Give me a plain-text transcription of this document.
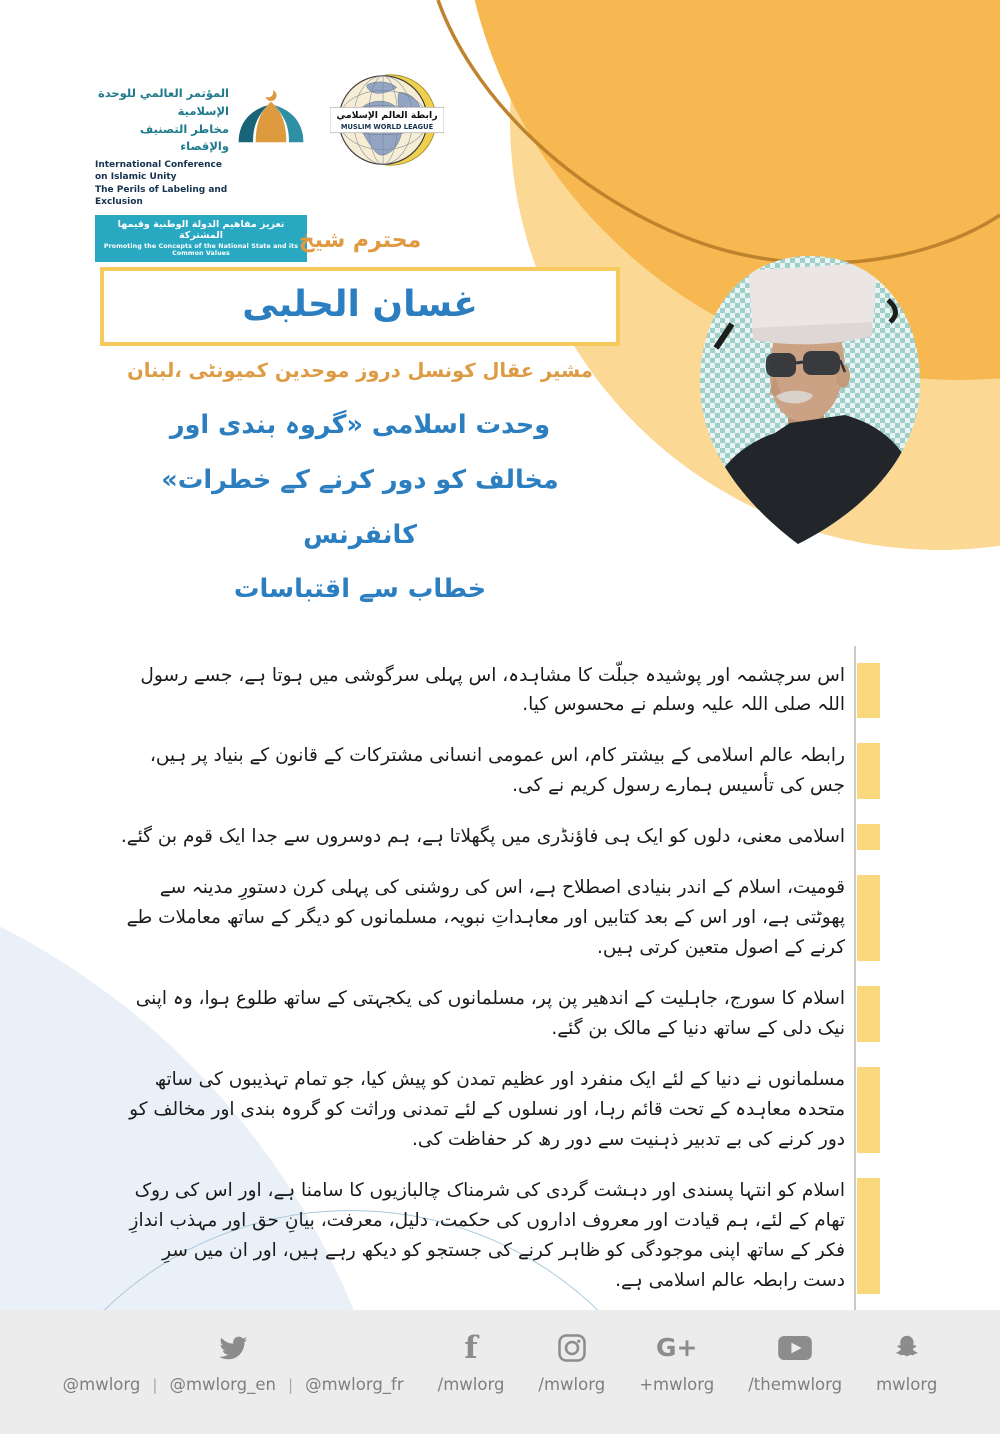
المؤتمر العالمي للوحدة الإسلامية
مخاطر التصنيف والإقصاء
International Conference on Islamic Unity
The Perils of Labeling and Exclusion
تعزيز مفاهيم الدولة الوطنية وقيمها المشتركة
Promoting the Concepts of the National State and its Common Values
رابطة العالم الإسلامي
MUSLIM WORLD LEAGUE
محترم شیخ
غسان الحلبی
مشیر عقال کونسل دروز موحدین کمیونٹی ،لبنان
وحدت اسلامی «گروہ بندی اور
مخالف کو دور کرنے کے خطرات» کانفرنس
خطاب سے اقتباسات

اس سرچشمہ اور پوشیدہ جبلّت کا مشاہدہ، اس پہلی سرگوشی میں ہوتا ہے، جسے رسول اللہ صلی اللہ علیہ وسلم نے محسوس کیا.

رابطہ عالم اسلامی کے بیشتر کام، اس عمومی انسانی مشترکات کے قانون کے بنیاد پر ہیں، جس کی تأسیس ہمارے رسول کریم نے کی.

اسلامی معنی، دلوں کو ایک ہی فاؤنڈری میں پگھلاتا ہے، ہم دوسروں سے جدا ایک قوم بن گئے.

قومیت، اسلام کے اندر بنیادی اصطلاح ہے، اس کی روشنی کی پہلی کرن دستورِ مدینہ سے پھوٹتی ہے، اور اس کے بعد کتابیں اور معاہداتِ نبویہ، مسلمانوں کو دیگر کے ساتھ معاملات طے کرنے کے اصول متعین کرتی ہیں.

اسلام کا سورج، جاہلیت کے اندھیر پن پر، مسلمانوں کی یکجہتی کے ساتھ طلوع ہوا، وہ اپنی نیک دلی کے ساتھ دنیا کے مالک بن گئے.

مسلمانوں نے دنیا کے لئے ایک منفرد اور عظیم تمدن کو پیش کیا، جو تمام تہذیبوں کی ساتھ متحدہ معاہدہ کے تحت قائم رہا، اور نسلوں کے لئے تمدنی وراثت کو گروہ بندی اور مخالف کو دور کرنے کی بے تدبیر ذہنیت سے دور رھ کر حفاظت کی.

اسلام کو انتہا پسندی اور دہشت گردی کی شرمناک چالبازیوں کا سامنا ہے، اور اس کی روک تھام کے لئے، ہم قیادت اور معروف اداروں کی حکمت، دلیل، معرفت، بیانِ حق اور مہذب اندازِ فکر کے ساتھ اپنی موجودگی کو ظاہر کرنے کی جستجو کو دیکھ رہے ہیں، اور ان میں سرِ دست رابطہ عالم اسلامی ہے.

@mwlorg | @mwlorg_en | @mwlorg_fr
f
/mwlorg /mwlorg
G+
+mwlorg /themwlorg mwlorg
